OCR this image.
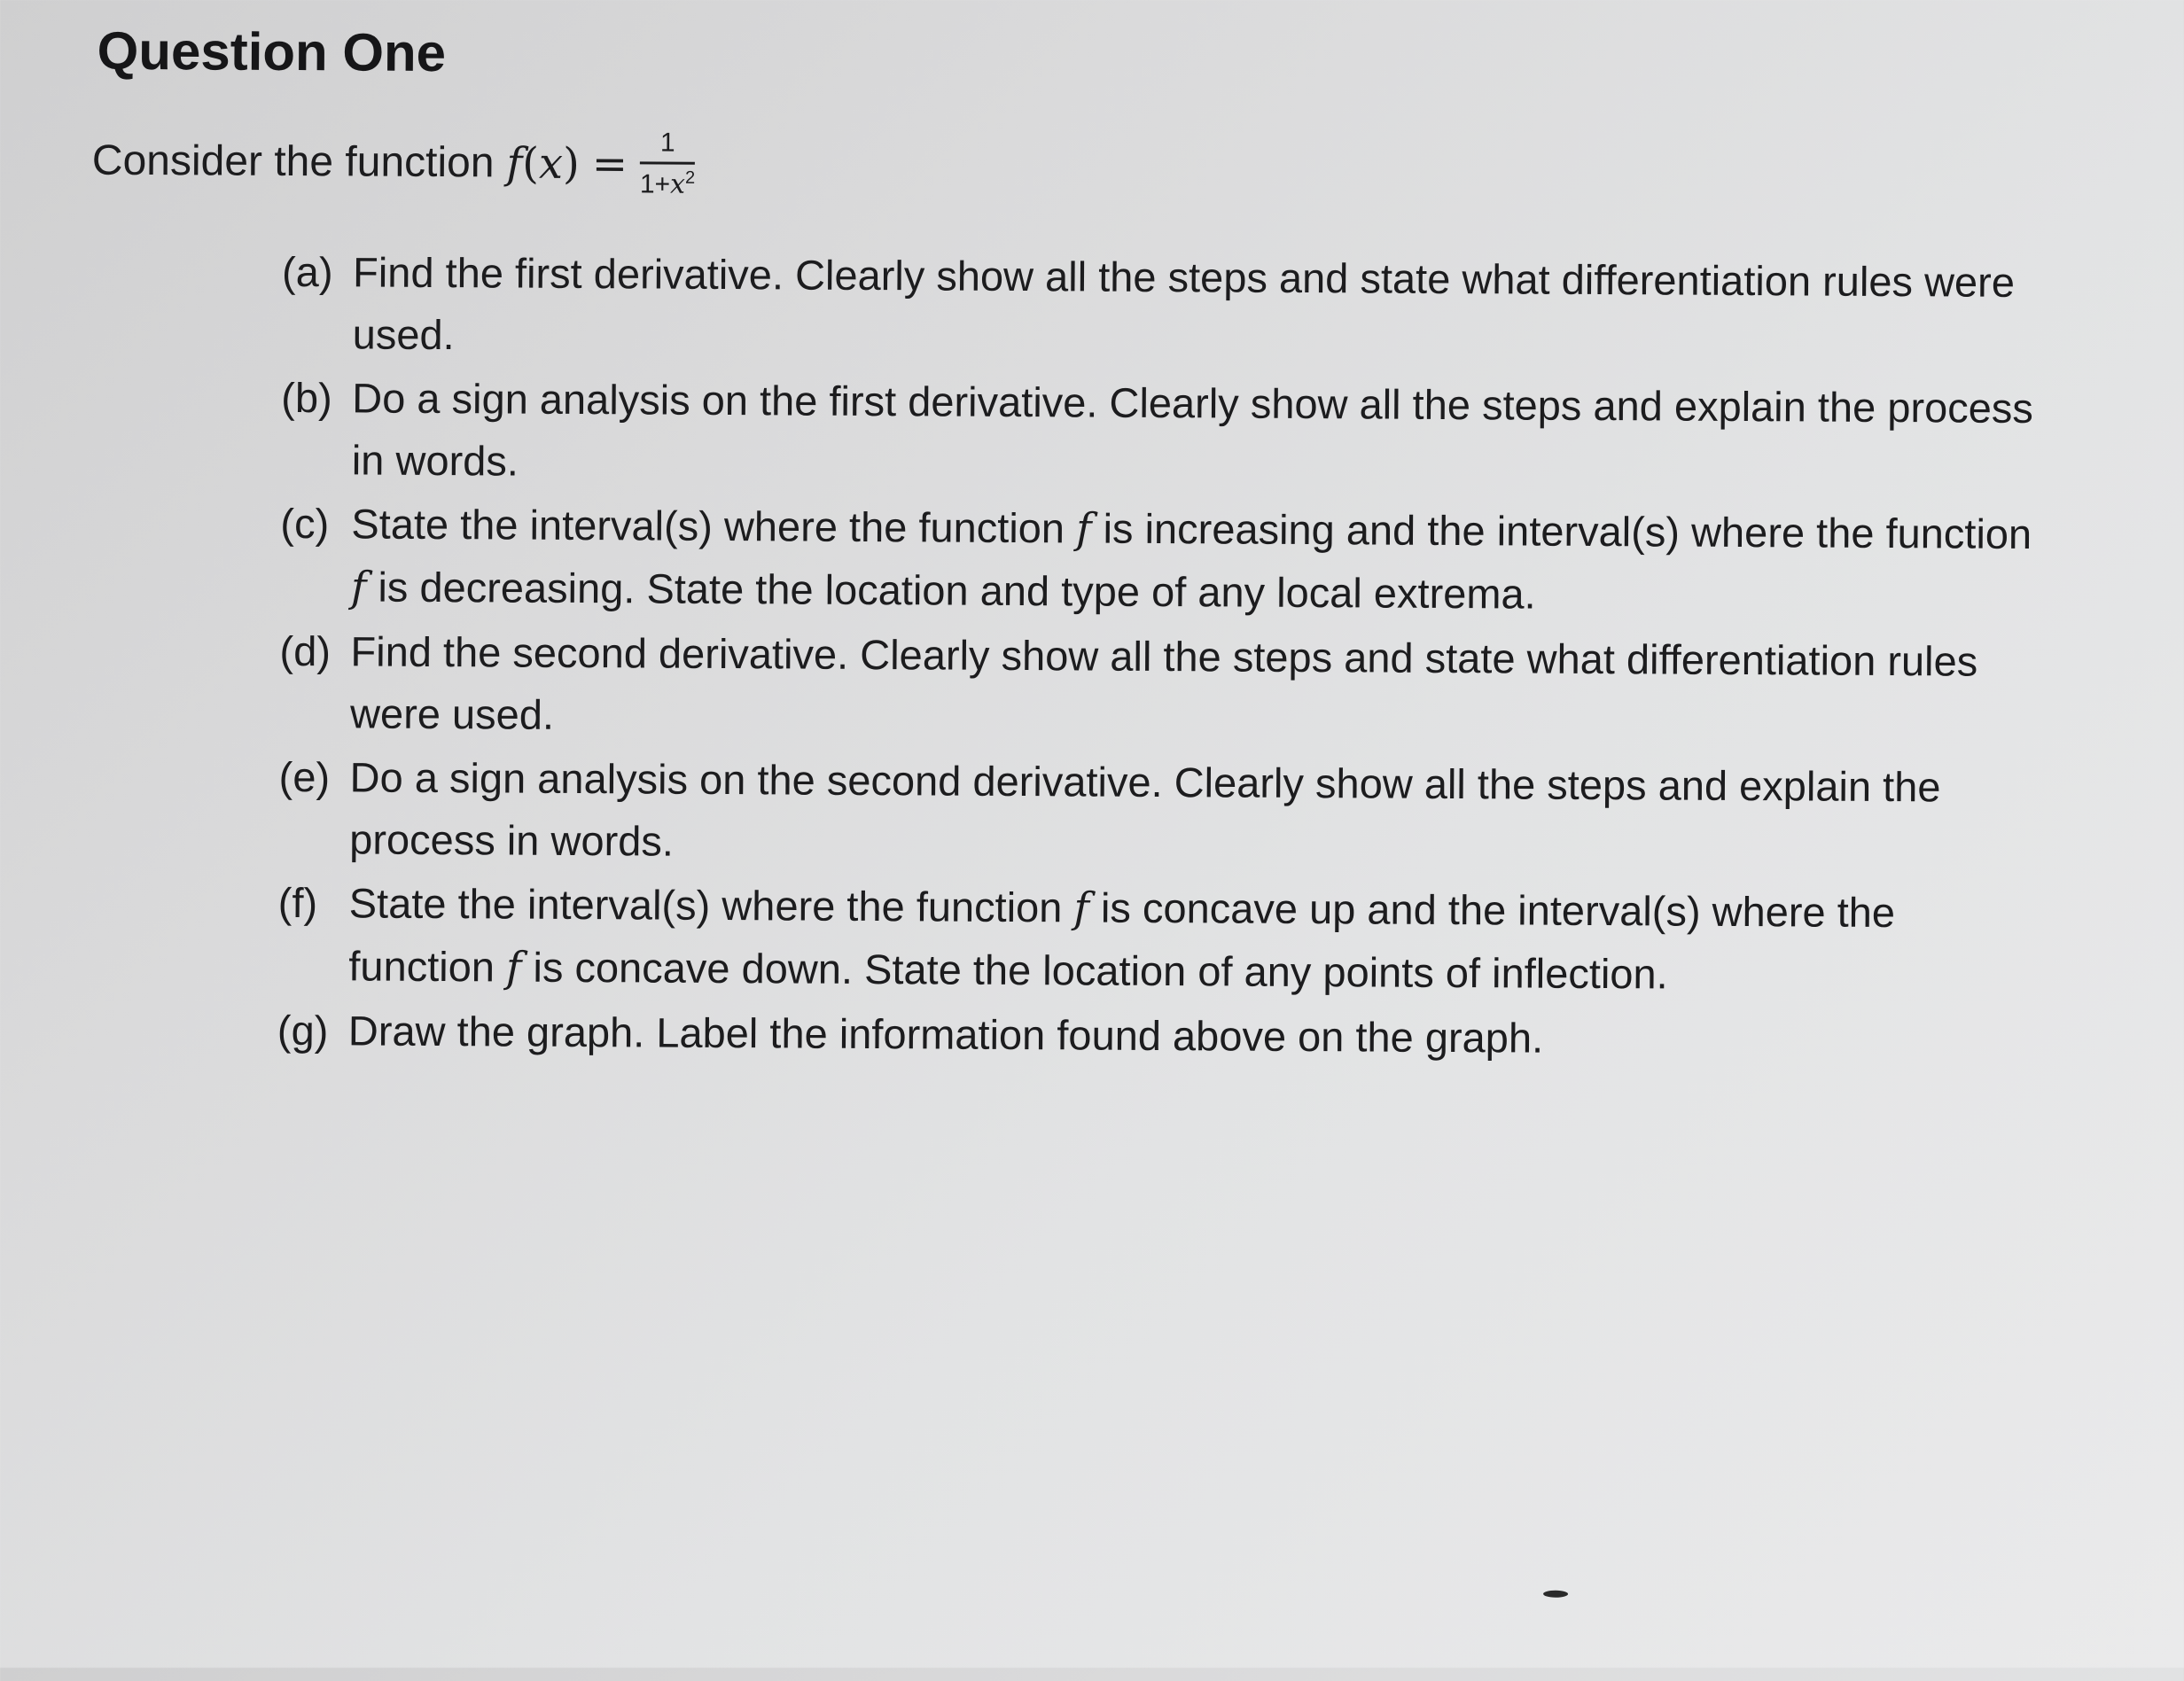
Question One
Consider the function $f(x) = \frac{1}{1+x^2}$
(a) Find the first derivative. Clearly show all the steps and state what differentiation rules were used.
(b) Do a sign analysis on the first derivative. Clearly show all the steps and explain the process in words.
(c) State the interval(s) where the function f is increasing and the interval(s) where the function f is decreasing. State the location and type of any local extrema.
(d) Find the second derivative. Clearly show all the steps and state what differentiation rules were used.
(e) Do a sign analysis on the second derivative. Clearly show all the steps and explain the process in words.
(f) State the interval(s) where the function f is concave up and the interval(s) where the function f is concave down. State the location of any points of inflection.
(g) Draw the graph. Label the information found above on the graph.
